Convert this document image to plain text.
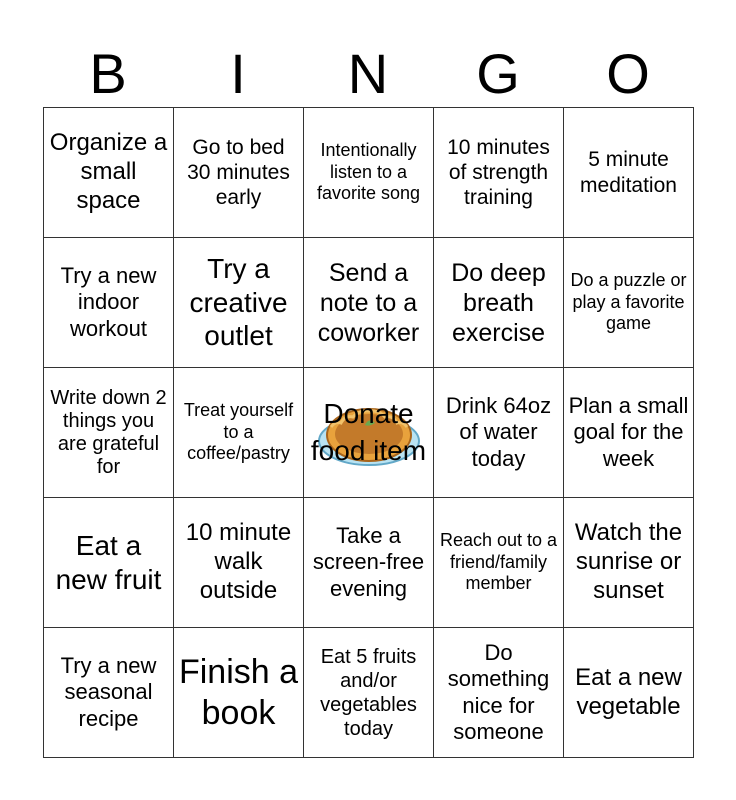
B	I	N	G	O
Organize a small space	Go to bed 30 minutes early	Intentionally listen to a favorite song	10 minutes of strength training	5 minute meditation

Try a new indoor workout	Try a creative outlet	Send a note to a coworker	Do deep breath exercise	Do a puzzle or play a favorite game

Write down 2 things you are grateful for	Treat yourself to a coffee/pastry	Donate food item	Drink 64oz of water today	Plan a small goal for the week

Eat a new fruit	10 minute walk outside	Take a screen-free evening	Reach out to a friend/family member	Watch the sunrise or sunset

Try a new seasonal recipe	Finish a book	Eat 5 fruits and/or vegetables today	Do something nice for someone	Eat a new vegetable
